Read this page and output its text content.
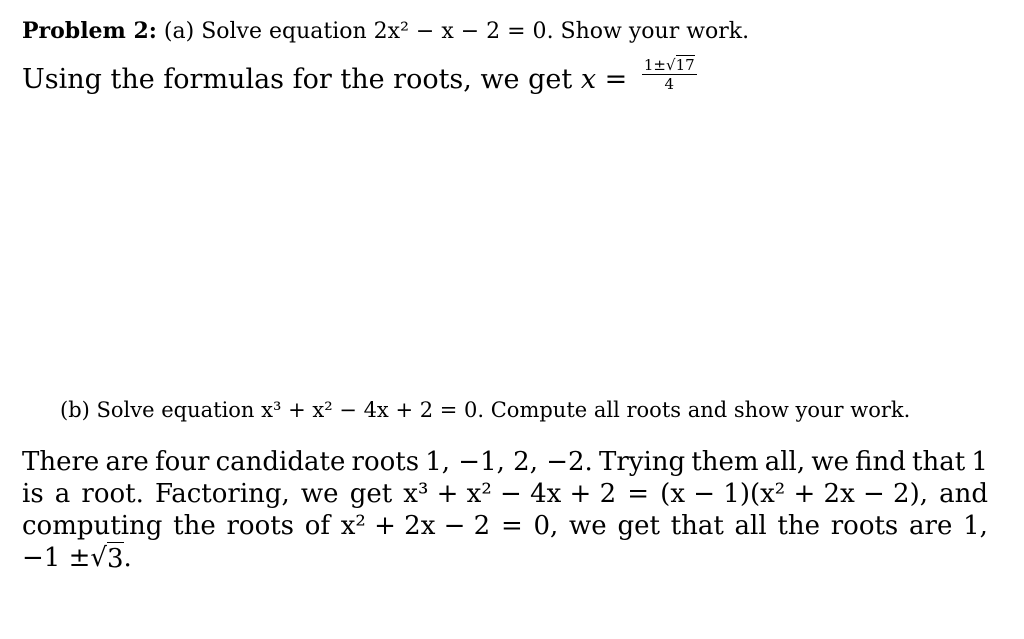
Problem 2: (a) Solve equation 2x² − x − 2 = 0. Show your work.
Using the formulas for the roots, we get $x = \frac{1\pm√17}{4}$
(b) Solve equation x³ + x² − 4x + 2 = 0. Compute all roots and show your work.
There are four candidate roots 1, −1, 2, −2. Trying them all, we find that 1
is a root. Factoring, we get x³ + x² − 4x + 2 = (x − 1)(x² + 2x − 2), and
computing the roots of x² + 2x − 2 = 0, we get that all the roots are 1,
−1 ± √ 3 .
